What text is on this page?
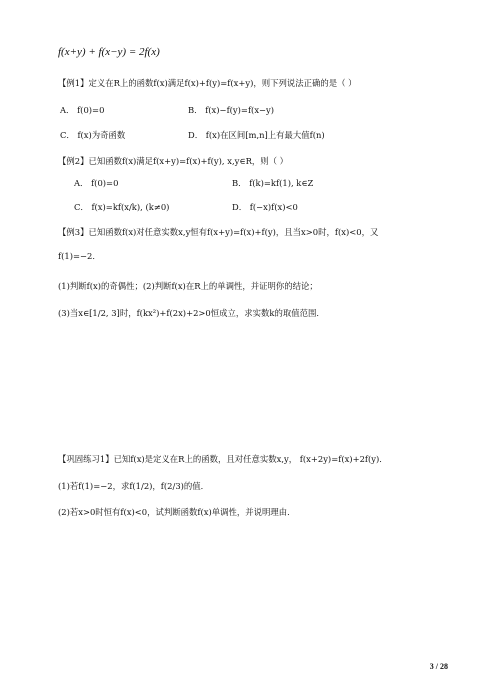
f(x+y) + f(x−y) = 2f(x)
【例1】定义在R上的函数f(x)满足f(x)+f(y)=f(x+y)，则下列说法正确的是（ ）
A． f(0)=0	B． f(x)−f(y)=f(x−y)
C． f(x)为奇函数	D． f(x)在区间[m,n]上有最大值f(n)
【例2】已知函数f(x)满足f(x+y)=f(x)+f(y), x,y∈R，则（ ）
A． f(0)=0	B． f(k)=kf(1), k∈Z
C． f(x)=kf(x/k), (k≠0)	D． f(−x)f(x)<0
【例3】已知函数f(x)对任意实数x,y恒有f(x+y)=f(x)+f(y)，且当x>0时，f(x)<0，又
f(1)=−2．
(1)判断f(x)的奇偶性；(2)判断f(x)在R上的单调性，并证明你的结论；
(3)当x∈[1/2, 3]时，f(kx²)+f(2x)+2>0恒成立，求实数k的取值范围．
【巩固练习1】已知f(x)是定义在R上的函数，且对任意实数x,y， f(x+2y)=f(x)+2f(y)．
(1)若f(1)=−2，求f(1/2)，f(2/3)的值．
(2)若x>0时恒有f(x)<0，试判断函数f(x)单调性，并说明理由．
3 / 28
